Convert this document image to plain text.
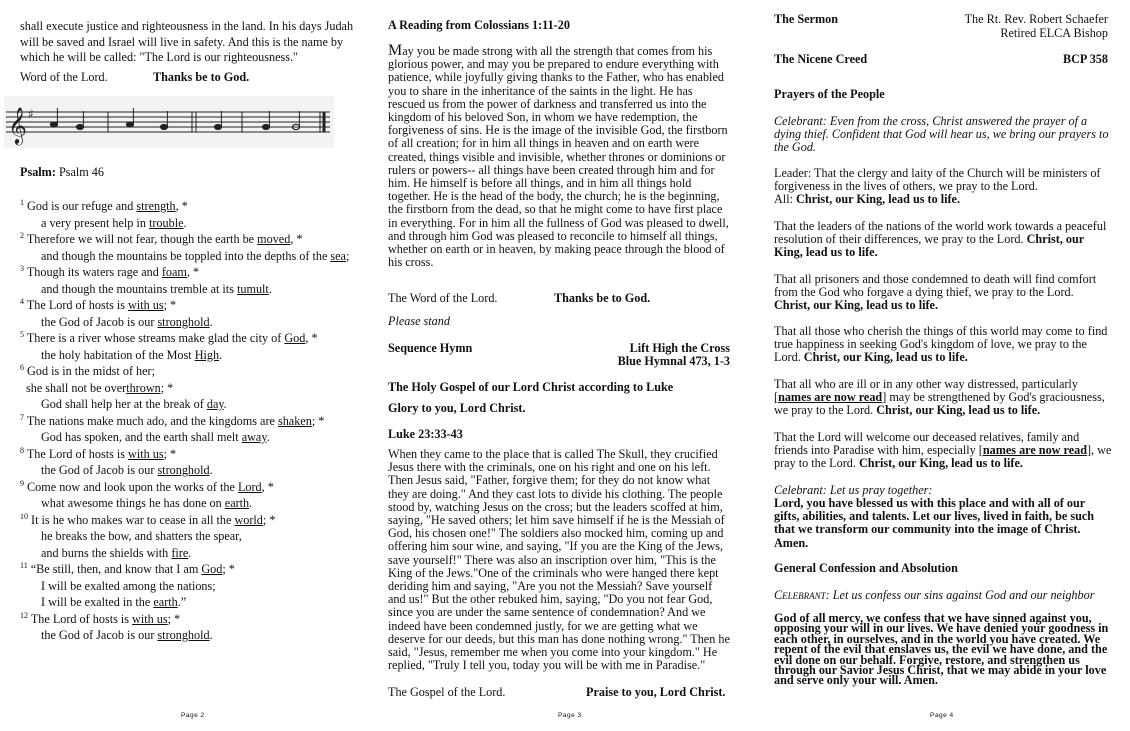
shall execute justice and righteousness in the land. In his days Judah will be saved and Israel will live in safety. And this is the name by which he will be called: "The Lord is our righteousness."
Word of the Lord.	Thanks be to God.
𝄞 ♯
Psalm: Psalm 46
$^1$ God is our refuge and strength, *
a very present help in trouble.
$^2$ Therefore we will not fear, though the earth be moved, *
and though the mountains be toppled into the depths of the sea;
$^3$ Though its waters rage and foam, *
and though the mountains tremble at its tumult.
$^4$ The Lord of hosts is with us; *
the God of Jacob is our stronghold.
$^5$ There is a river whose streams make glad the city of God, *
the holy habitation of the Most High.
$^6$ God is in the midst of her;
she shall not be overthrown; *
God shall help her at the break of day.
$^7$ The nations make much ado, and the kingdoms are shaken; *
God has spoken, and the earth shall melt away.
$^8$ The Lord of hosts is with us; *
the God of Jacob is our stronghold.
$^9$ Come now and look upon the works of the Lord, *
what awesome things he has done on earth.
$^{10}$ It is he who makes war to cease in all the world; *
he breaks the bow, and shatters the spear,
and burns the shields with fire.
$^{11}$ “Be still, then, and know that I am God; *
I will be exalted among the nations;
I will be exalted in the earth.”
$^{12}$ The Lord of hosts is with us; *
the God of Jacob is our stronghold.
Page 2
A Reading from Colossians 1:11-20
May you be made strong with all the strength that comes from his glorious power, and may you be prepared to endure everything with patience, while joyfully giving thanks to the Father, who has enabled you to share in the inheritance of the saints in the light. He has rescued us from the power of darkness and transferred us into the kingdom of his beloved Son, in whom we have redemption, the forgiveness of sins. He is the image of the invisible God, the firstborn of all creation; for in him all things in heaven and on earth were created, things visible and invisible, whether thrones or dominions or rulers or powers-- all things have been created through him and for him. He himself is before all things, and in him all things hold together. He is the head of the body, the church; he is the beginning, the firstborn from the dead, so that he might come to have first place in everything. For in him all the fullness of God was pleased to dwell, and through him God was pleased to reconcile to himself all things, whether on earth or in heaven, by making peace through the blood of his cross.
The Word of the Lord.	Thanks be to God.
Please stand
Sequence Hymn	Lift High the Cross
Blue Hymnal 473, 1-3
The Holy Gospel of our Lord Christ according to Luke
Glory to you, Lord Christ.
Luke 23:33-43
When they came to the place that is called The Skull, they crucified Jesus there with the criminals, one on his right and one on his left. Then Jesus said, "Father, forgive them; for they do not know what they are doing." And they cast lots to divide his clothing. The people stood by, watching Jesus on the cross; but the leaders scoffed at him, saying, "He saved others; let him save himself if he is the Messiah of God, his chosen one!" The soldiers also mocked him, coming up and offering him sour wine, and saying, "If you are the King of the Jews, save yourself!" There was also an inscription over him, "This is the King of the Jews."One of the criminals who were hanged there kept deriding him and saying, "Are you not the Messiah? Save yourself and us!" But the other rebuked him, saying, "Do you not fear God, since you are under the same sentence of condemnation? And we indeed have been condemned justly, for we are getting what we deserve for our deeds, but this man has done nothing wrong." Then he said, "Jesus, remember me when you come into your kingdom." He replied, "Truly I tell you, today you will be with me in Paradise."
The Gospel of the Lord.	Praise to you, Lord Christ.
Page 3
The Sermon	The Rt. Rev. Robert Schaefer
Retired ELCA Bishop
The Nicene Creed	BCP 358
Prayers of the People
Celebrant: Even from the cross, Christ answered the prayer of a dying thief. Confident that God will hear us, we bring our prayers to the God.
Leader: That the clergy and laity of the Church will be ministers of forgiveness in the lives of others, we pray to the Lord.
All: Christ, our King, lead us to life.
That the leaders of the nations of the world work towards a peaceful resolution of their differences, we pray to the Lord. Christ, our King, lead us to life.
That all prisoners and those condemned to death will find comfort from the God who forgave a dying thief, we pray to the Lord. Christ, our King, lead us to life.
That all those who cherish the things of this world may come to find true happiness in seeking God's kingdom of love, we pray to the Lord. Christ, our King, lead us to life.
That all who are ill or in any other way distressed, particularly [names are now read] may be strengthened by God's graciousness, we pray to the Lord. Christ, our King, lead us to life.
That the Lord will welcome our deceased relatives, family and friends into Paradise with him, especially [names are now read], we pray to the Lord. Christ, our King, lead us to life.
Celebrant: Let us pray together:
Lord, you have blessed us with this place and with all of our gifts, abilities, and talents. Let our lives, lived in faith, be such that we transform our community into the image of Christ. Amen.
General Confession and Absolution
Celebrant: Let us confess our sins against God and our neighbor
God of all mercy, we confess that we have sinned against you, opposing your will in our lives. We have denied your goodness in each other, in ourselves, and in the world you have created. We repent of the evil that enslaves us, the evil we have done, and the evil done on our behalf. Forgive, restore, and strengthen us through our Savior Jesus Christ, that we may abide in your love and serve only your will. Amen.
Page 4
